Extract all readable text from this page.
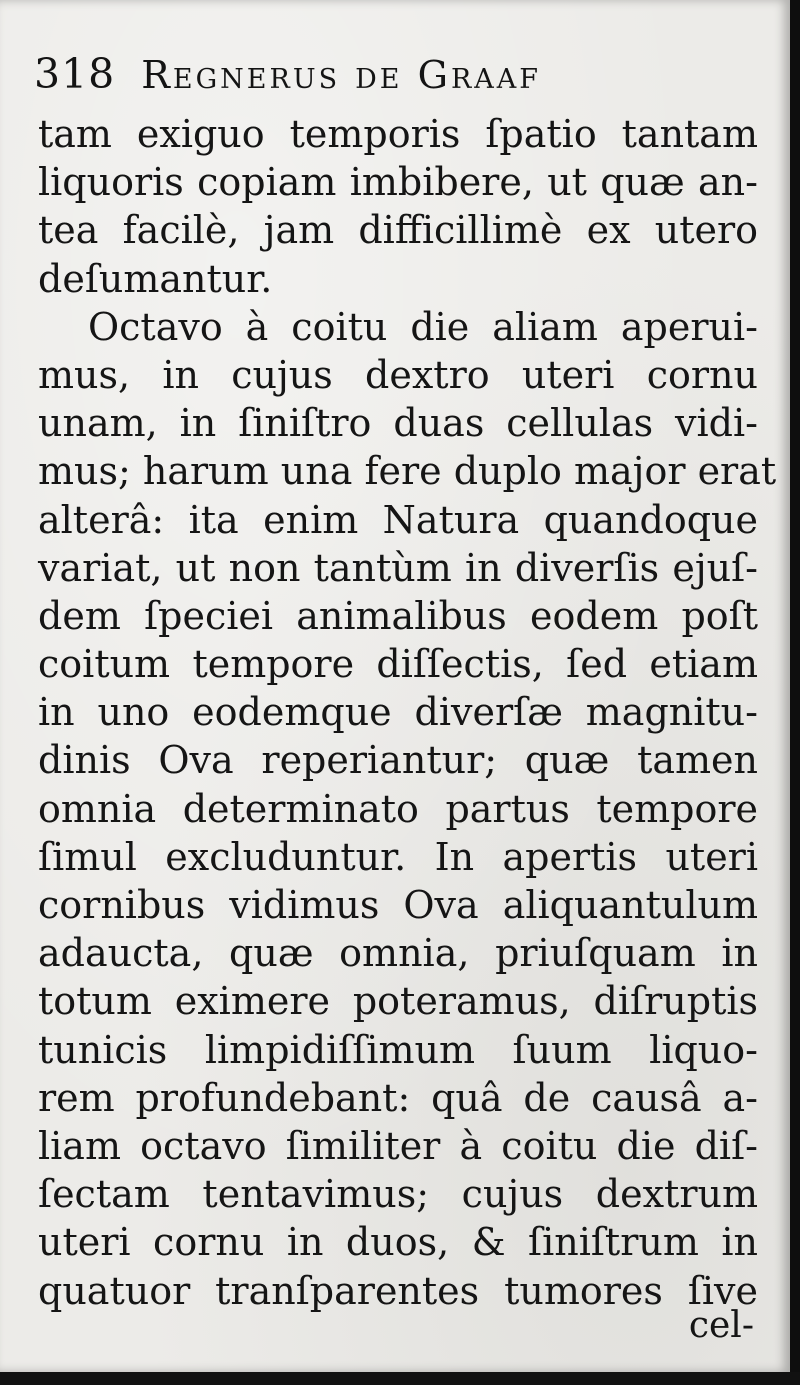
318 Regnerus de Graaf
tam exiguo temporis ſpatio tantam
liquoris copiam imbibere, ut quæ an-
tea facilè, jam difficillimè ex utero
deſumantur.
Octavo à coitu die aliam aperui-
mus, in cujus dextro uteri cornu
unam, in ſiniſtro duas cellulas vidi-
mus; harum una fere duplo major erat
alterâ: ita enim Natura quandoque
variat, ut non tantùm in diverſis ejuſ-
dem ſpeciei animalibus eodem poſt
coitum tempore diſſectis, ſed etiam
in uno eodemque diverſæ magnitu-
dinis Ova reperiantur; quæ tamen
omnia determinato partus tempore
ſimul excluduntur. In apertis uteri
cornibus vidimus Ova aliquantulum
adaucta, quæ omnia, priuſquam in
totum eximere poteramus, diſruptis
tunicis limpidiſſimum ſuum liquo-
rem profundebant: quâ de causâ a-
liam octavo ſimiliter à coitu die diſ-
ſectam tentavimus; cujus dextrum
uteri cornu in duos, & ſiniſtrum in
quatuor tranſparentes tumores ſive
cel-
